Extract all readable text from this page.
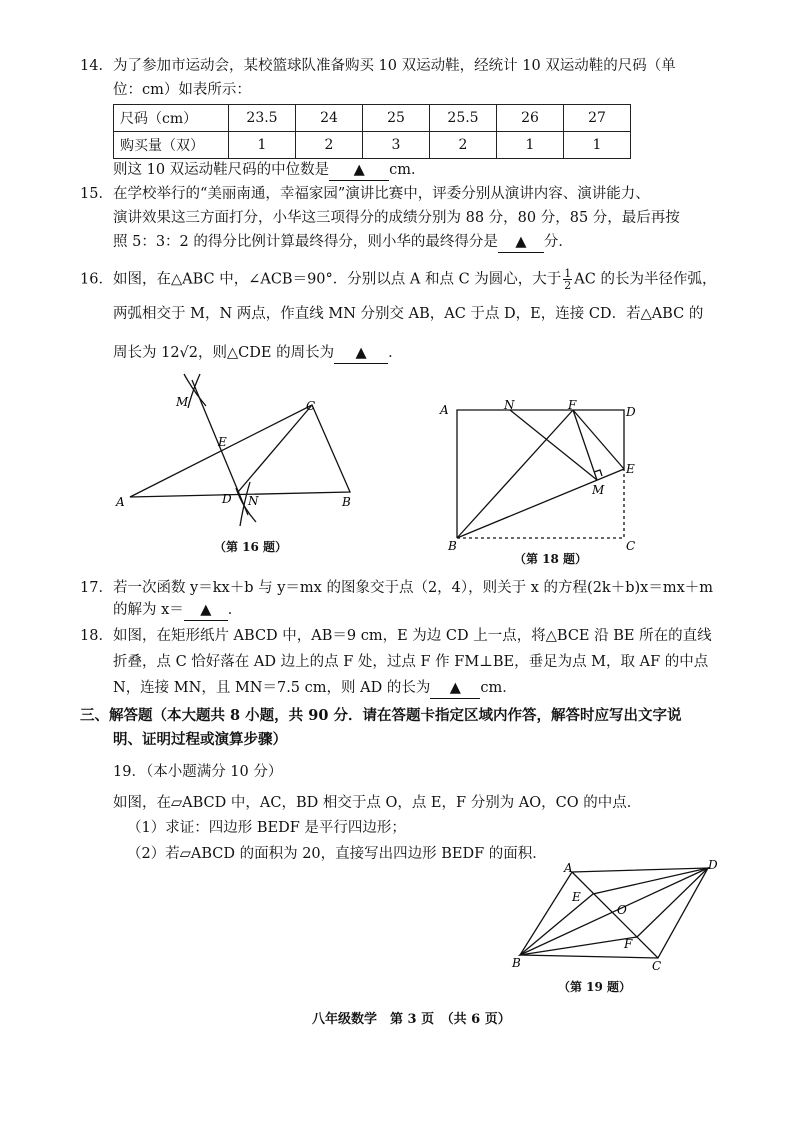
14．为了参加市运动会，某校篮球队准备购买 10 双运动鞋，经统计 10 双运动鞋的尺码（单
位：cm）如表所示：
尺码（cm）	23.5	24	25	25.5	26	27
购买量（双）	1	2	3	2	1	1
则这 10 双运动鞋尺码的中位数是 ▲ cm．
15．在学校举行的“美丽南通，幸福家园”演讲比赛中，评委分别从演讲内容、演讲能力、
演讲效果这三方面打分，小华这三项得分的成绩分别为 88 分，80 分，85 分，最后再按
照 5：3：2 的得分比例计算最终得分，则小华的最终得分是 ▲ 分．
16．如图，在△ABC 中，∠ACB＝90°．分别以点 A 和点 C 为圆心，大于 $\frac{1}{2}$ AC 的长为半径作弧，
两弧相交于 M，N 两点，作直线 MN 分别交 AB，AC 于点 D，E，连接 CD．若△ABC 的
周长为 12√2，则△CDE 的周长为 ▲ ．
M	C
E
A	D N	B
（第 16 题）
A	N	F	D
E
M
B	C
（第 18 题）
17．若一次函数 y＝kx＋b 与 y＝mx 的图象交于点（2，4），则关于 x 的方程(2k＋b)x＝mx＋m
的解为 x＝ ▲ ．
18．如图，在矩形纸片 ABCD 中，AB＝9 cm，E 为边 CD 上一点，将△BCE 沿 BE 所在的直线
折叠，点 C 恰好落在 AD 边上的点 F 处，过点 F 作 FM⊥BE，垂足为点 M，取 AF 的中点
N，连接 MN，且 MN＝7.5 cm，则 AD 的长为 ▲ cm．
三、解答题（本大题共 8 小题，共 90 分．请在答题卡指定区域内作答，解答时应写出文字说
明、证明过程或演算步骤）
19．（本小题满分 10 分）
如图，在▱ABCD 中，AC，BD 相交于点 O，点 E，F 分别为 AO，CO 的中点．
（1）求证：四边形 BEDF 是平行四边形；
（2）若▱ABCD 的面积为 20，直接写出四边形 BEDF 的面积．
A	D
E
O
F
B	C
（第 19 题）
八年级数学　第 3 页　（共 6 页）
